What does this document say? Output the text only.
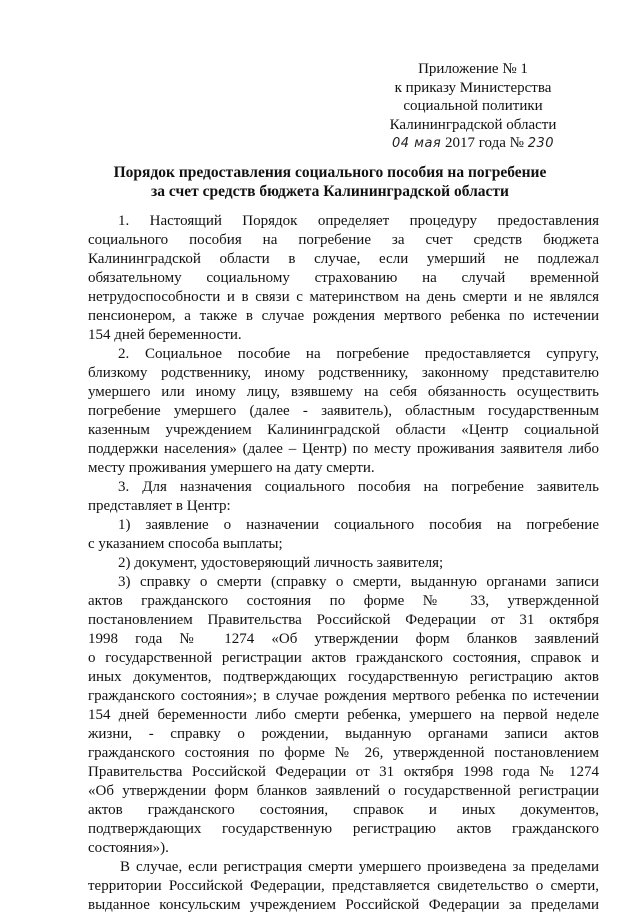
Приложение № 1
к приказу Министерства
социальной политики
Калининградской области
04 мая 2017 года № 230
Порядок предоставления социального пособия на погребение
за счет средств бюджета Калининградской области
1. Настоящий Порядок определяет процедуру предоставления
социального пособия на погребение за счет средств бюджета
Калининградской области в случае, если умерший не подлежал
обязательному социальному страхованию на случай временной
нетрудоспособности и в связи с материнством на день смерти и не являлся
пенсионером, а также в случае рождения мертвого ребенка по истечении
154 дней беременности.
2. Социальное пособие на погребение предоставляется супругу,
близкому родственнику, иному родственнику, законному представителю
умершего или иному лицу, взявшему на себя обязанность осуществить
погребение умершего (далее - заявитель), областным государственным
казенным учреждением Калининградской области «Центр социальной
поддержки населения» (далее – Центр) по месту проживания заявителя либо
месту проживания умершего на дату смерти.
3. Для назначения социального пособия на погребение заявитель
представляет в Центр:
1) заявление о назначении социального пособия на погребение
с указанием способа выплаты;
2) документ, удостоверяющий личность заявителя;
3) справку о смерти (справку о смерти, выданную органами записи
актов гражданского состояния по форме № 33, утвержденной
постановлением Правительства Российской Федерации от 31 октября
1998 года № 1274 «Об утверждении форм бланков заявлений
о государственной регистрации актов гражданского состояния, справок и
иных документов, подтверждающих государственную регистрацию актов
гражданского состояния»; в случае рождения мертвого ребенка по истечении
154 дней беременности либо смерти ребенка, умершего на первой неделе
жизни, - справку о рождении, выданную органами записи актов
гражданского состояния по форме № 26, утвержденной постановлением
Правительства Российской Федерации от 31 октября 1998 года № 1274
«Об утверждении форм бланков заявлений о государственной регистрации
актов гражданского состояния, справок и иных документов,
подтверждающих государственную регистрацию актов гражданского
состояния»).
В случае, если регистрация смерти умершего произведена за пределами
территории Российской Федерации, представляется свидетельство о смерти,
выданное консульским учреждением Российской Федерации за пределами
